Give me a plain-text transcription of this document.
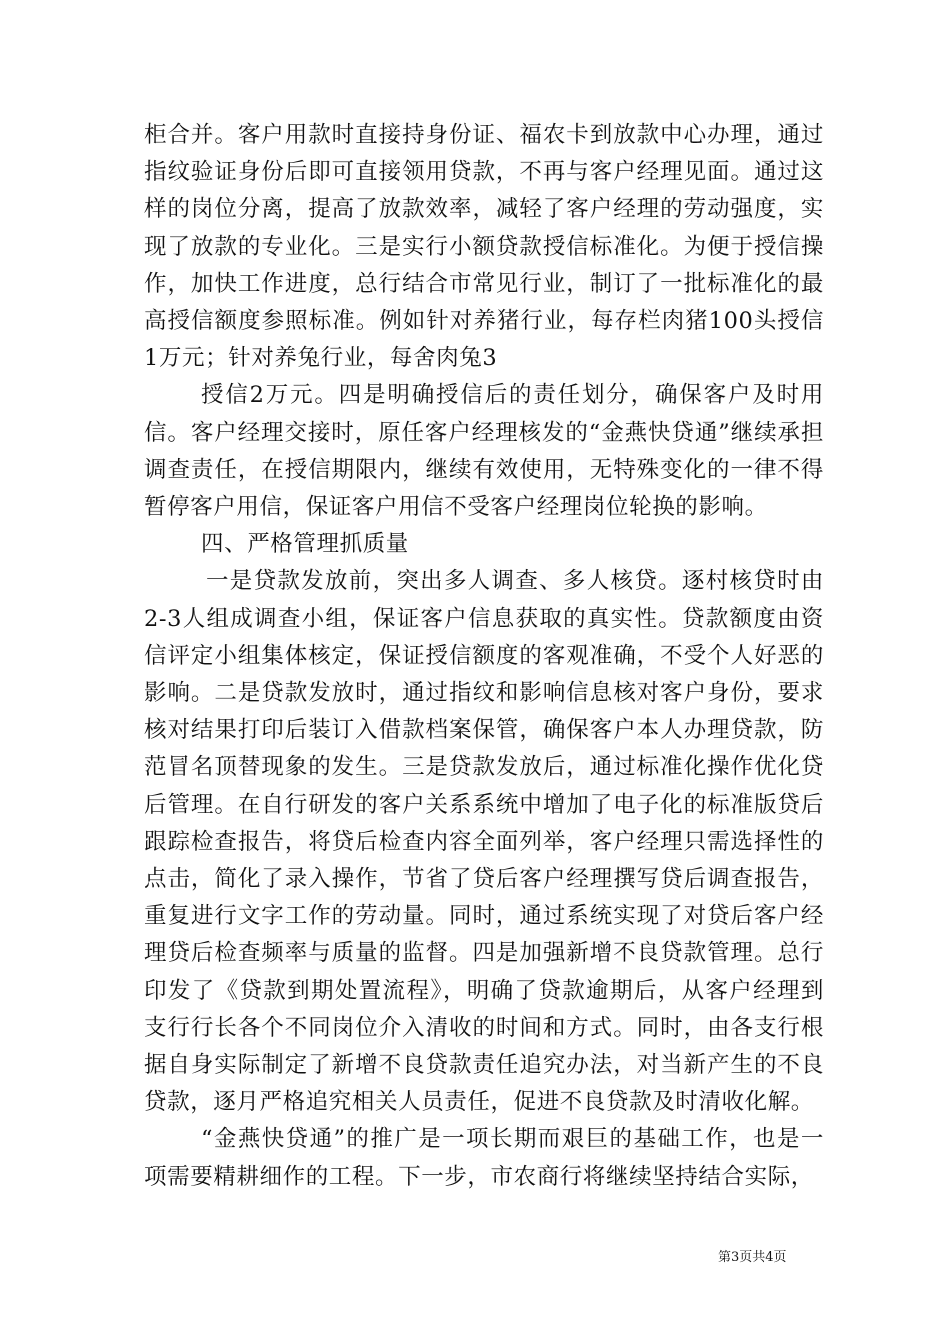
柜合并。客户用款时直接持身份证、福农卡到放款中心办理，通过指纹验证身份后即可直接领用贷款，不再与客户经理见面。通过这样的岗位分离，提高了放款效率，减轻了客户经理的劳动强度，实现了放款的专业化。三是实行小额贷款授信标准化。为便于授信操作，加快工作进度，总行结合市常见行业，制订了一批标准化的最高授信额度参照标准。例如针对养猪行业，每存栏肉猪100头授信1万元；针对养兔行业，每舍肉兔3

授信2万元。四是明确授信后的责任划分，确保客户及时用信。客户经理交接时，原任客户经理核发的“金燕快贷通”继续承担调查责任，在授信期限内，继续有效使用，无特殊变化的一律不得暂停客户用信，保证客户用信不受客户经理岗位轮换的影响。

四、严格管理抓质量

一是贷款发放前，突出多人调查、多人核贷。逐村核贷时由2-3人组成调查小组，保证客户信息获取的真实性。贷款额度由资信评定小组集体核定，保证授信额度的客观准确，不受个人好恶的影响。二是贷款发放时，通过指纹和影响信息核对客户身份，要求核对结果打印后装订入借款档案保管，确保客户本人办理贷款，防范冒名顶替现象的发生。三是贷款发放后，通过标准化操作优化贷后管理。在自行研发的客户关系系统中增加了电子化的标准版贷后跟踪检查报告，将贷后检查内容全面列举，客户经理只需选择性的点击，简化了录入操作，节省了贷后客户经理撰写贷后调查报告，重复进行文字工作的劳动量。同时，通过系统实现了对贷后客户经理贷后检查频率与质量的监督。四是加强新增不良贷款管理。总行印发了《贷款到期处置流程》，明确了贷款逾期后，从客户经理到支行行长各个不同岗位介入清收的时间和方式。同时，由各支行根据自身实际制定了新增不良贷款责任追究办法，对当新产生的不良贷款，逐月严格追究相关人员责任，促进不良贷款及时清收化解。

“金燕快贷通”的推广是一项长期而艰巨的基础工作，也是一项需要精耕细作的工程。下一步，市农商行将继续坚持结合实际，

第3页共4页
